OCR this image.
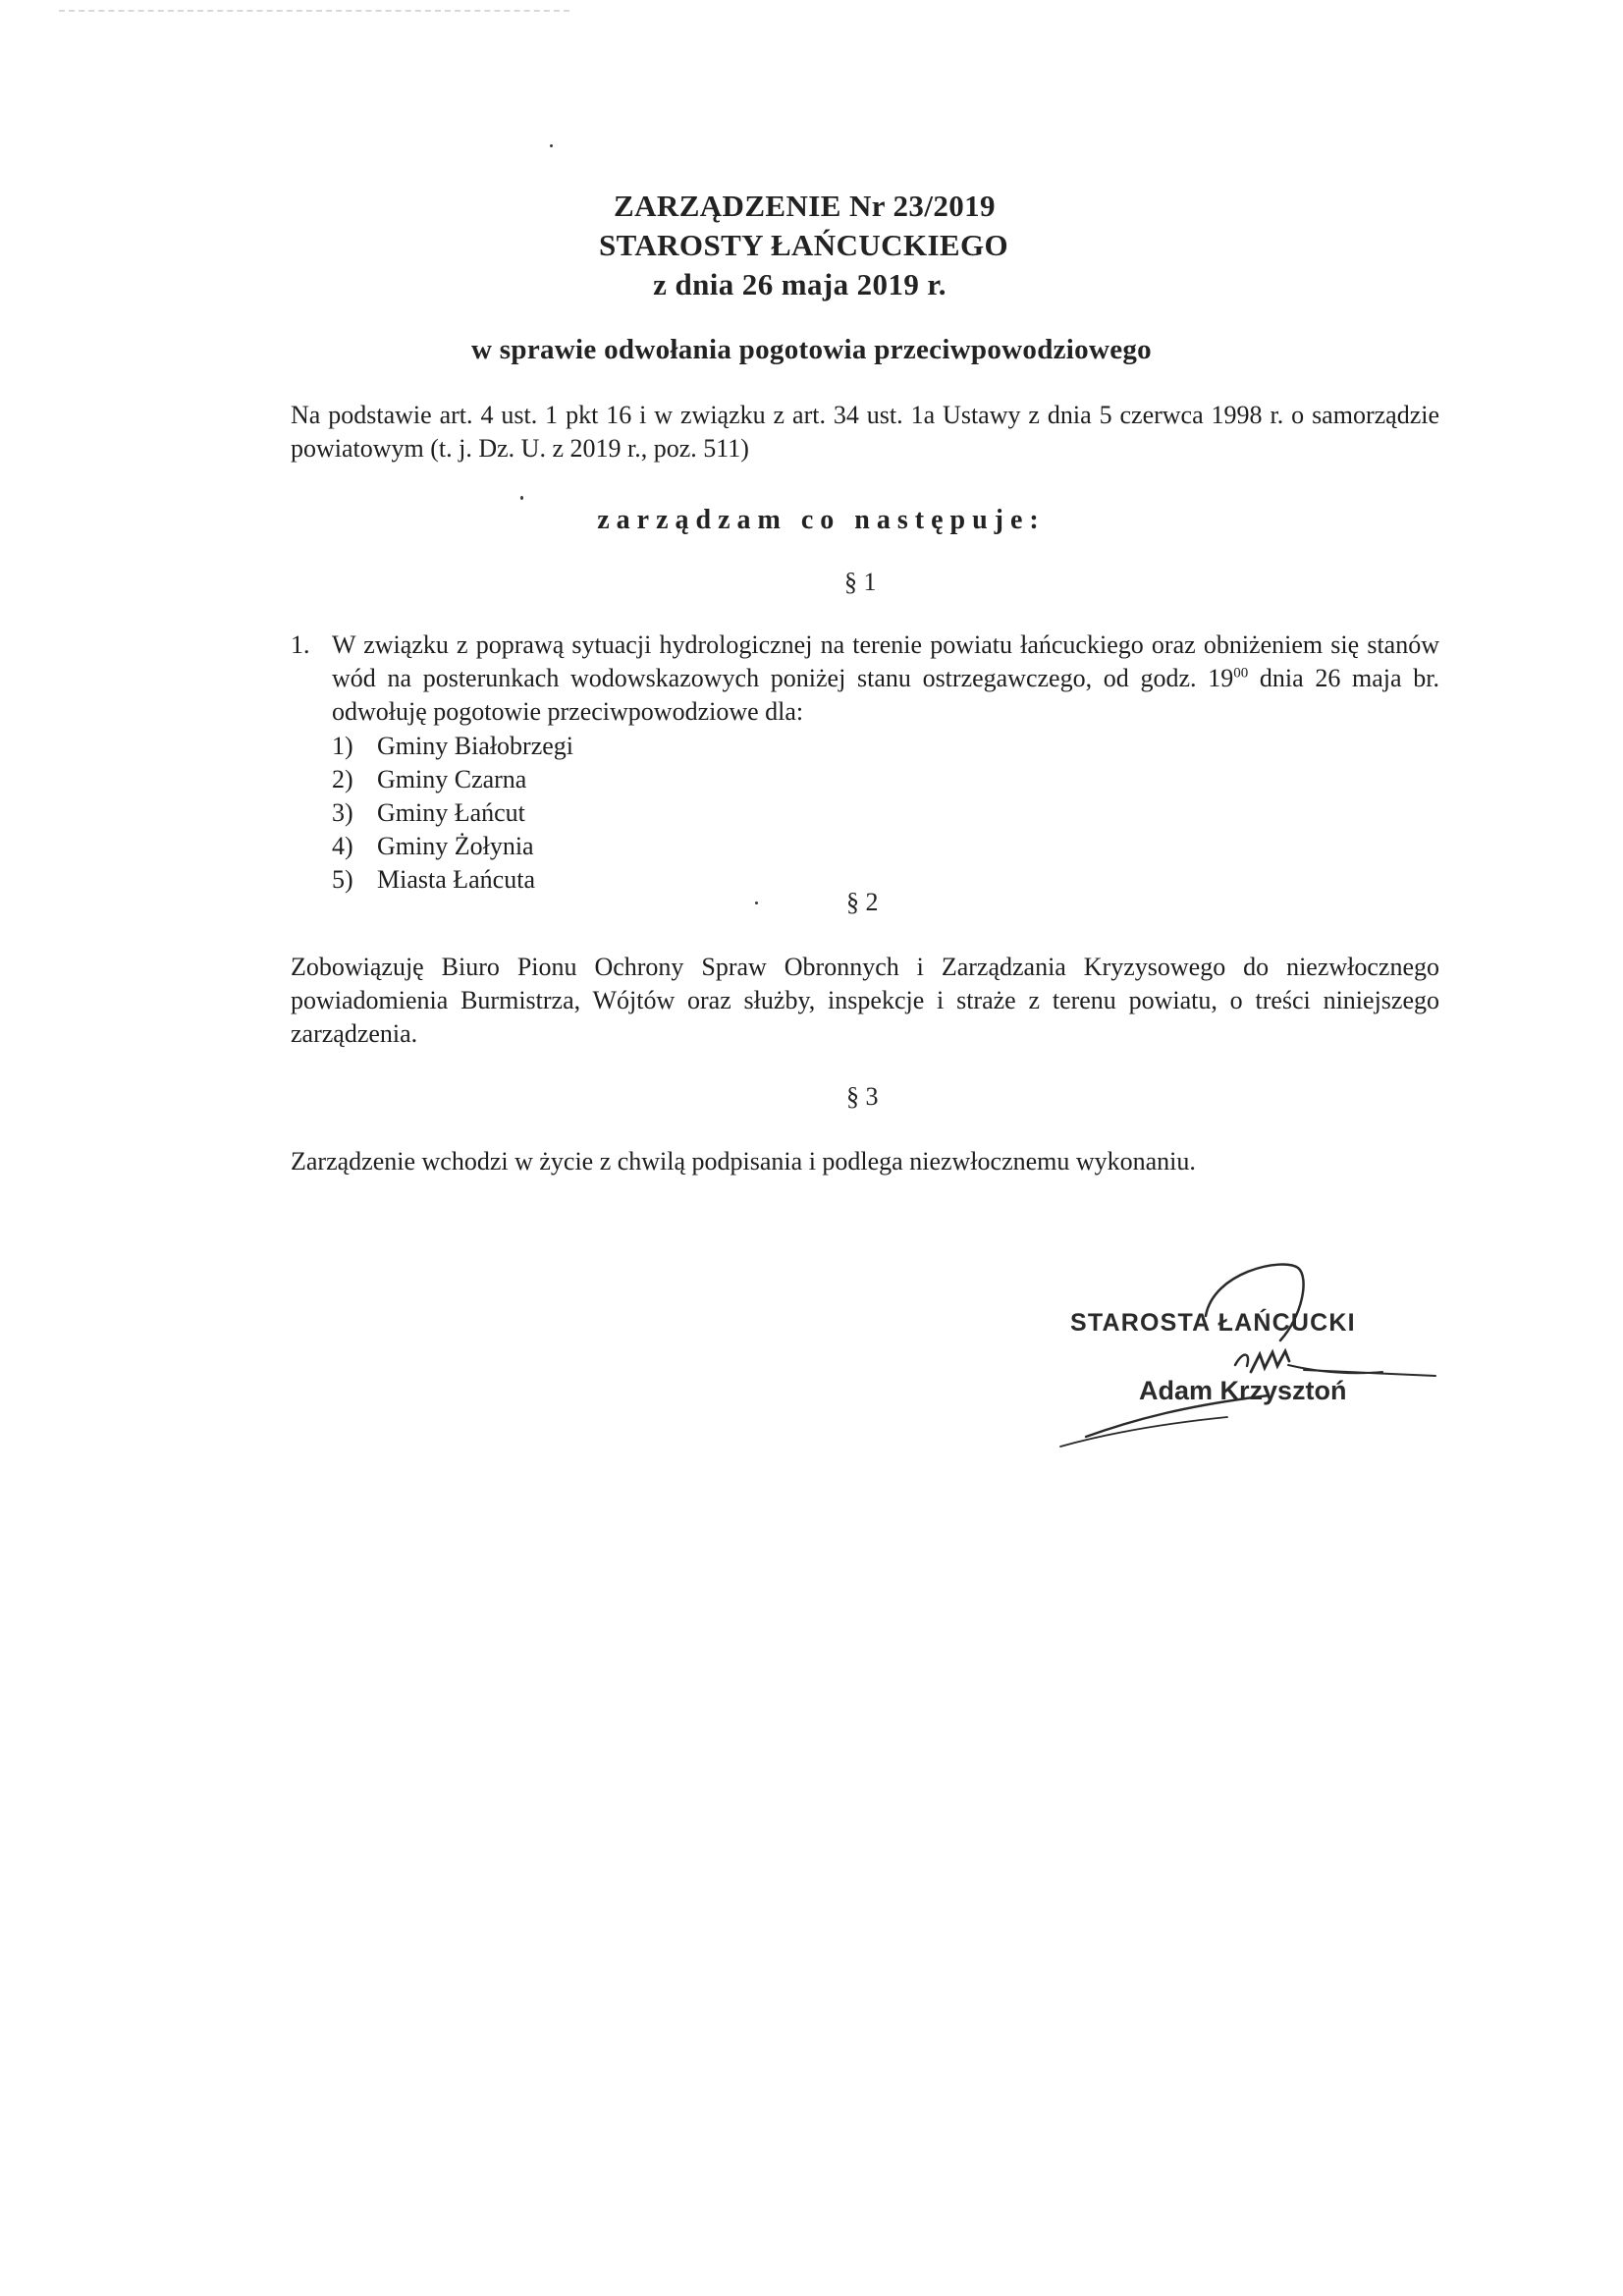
ZARZĄDZENIE Nr 23/2019
STAROSTY ŁAŃCUCKIEGO
z dnia 26 maja 2019 r.
w sprawie odwołania pogotowia przeciwpowodziowego

Na podstawie art. 4 ust. 1 pkt 16 i w związku z art. 34 ust. 1a Ustawy z dnia 5 czerwca 1998 r. o samorządzie powiatowym (t. j. Dz. U. z 2019 r., poz. 511)

zarządzam co następuje:
§ 1
1. W związku z poprawą sytuacji hydrologicznej na terenie powiatu łańcuckiego oraz obniżeniem się stanów wód na posterunkach wodowskazowych poniżej stanu ostrzegawczego, od godz. $19^{00}$ dnia 26 maja br. odwołuję pogotowie przeciwpowodziowe dla:
1) Gminy Białobrzegi
2) Gminy Czarna
3) Gminy Łańcut
4) Gminy Żołynia
5) Miasta Łańcuta
§ 2
Zobowiązuję Biuro Pionu Ochrony Spraw Obronnych i Zarządzania Kryzysowego do niezwłocznego powiadomienia Burmistrza, Wójtów oraz służby, inspekcje i straże z terenu powiatu, o treści niniejszego zarządzenia.
§ 3
Zarządzenie wchodzi w życie z chwilą podpisania i podlega niezwłocznemu wykonaniu.
STAROSTA ŁAŃCUCKI
Adam Krzysztoń
